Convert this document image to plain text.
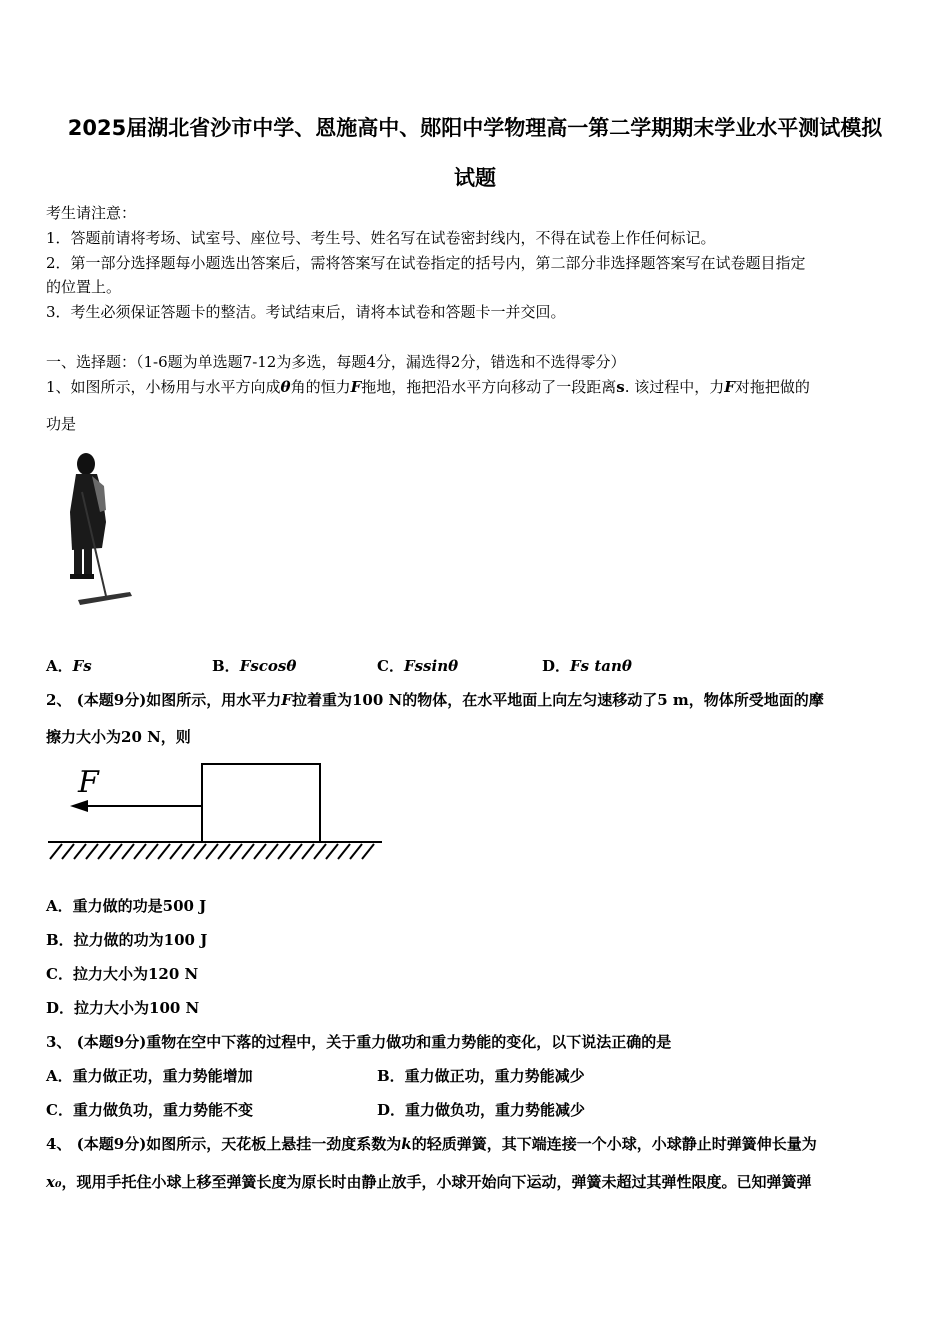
2025届湖北省沙市中学、恩施高中、郧阳中学物理高一第二学期期末学业水平测试模拟
试题
考生请注意：
1．答题前请将考场、试室号、座位号、考生号、姓名写在试卷密封线内，不得在试卷上作任何标记。
2．第一部分选择题每小题选出答案后，需将答案写在试卷指定的括号内，第二部分非选择题答案写在试卷题目指定
的位置上。
3．考生必须保证答题卡的整洁。考试结束后，请将本试卷和答题卡一并交回。
一、选择题：（1-6题为单选题7-12为多选，每题4分，漏选得2分，错选和不选得零分）
1、如图所示，小杨用与水平方向成θ角的恒力F拖地，拖把沿水平方向移动了一段距离s. 该过程中，力F对拖把做的
功是
A．Fs	B．Fscosθ	C．Fssinθ	D．Fs tanθ
2、 (本题9分)如图所示，用水平力F拉着重为100 N的物体，在水平地面上向左匀速移动了5 m，物体所受地面的摩
擦力大小为20 N，则
F
A．重力做的功是500 J
B．拉力做的功为100 J
C．拉力大小为120 N
D．拉力大小为100 N
3、 (本题9分)重物在空中下落的过程中，关于重力做功和重力势能的变化，以下说法正确的是
A．重力做正功，重力势能增加	B．重力做正功，重力势能减少
C．重力做负功，重力势能不变	D．重力做负功，重力势能减少
4、 (本题9分)如图所示，天花板上悬挂一劲度系数为k的轻质弹簧，其下端连接一个小球，小球静止时弹簧伸长量为
x₀，现用手托住小球上移至弹簧长度为原长时由静止放手，小球开始向下运动，弹簧未超过其弹性限度。已知弹簧弹
